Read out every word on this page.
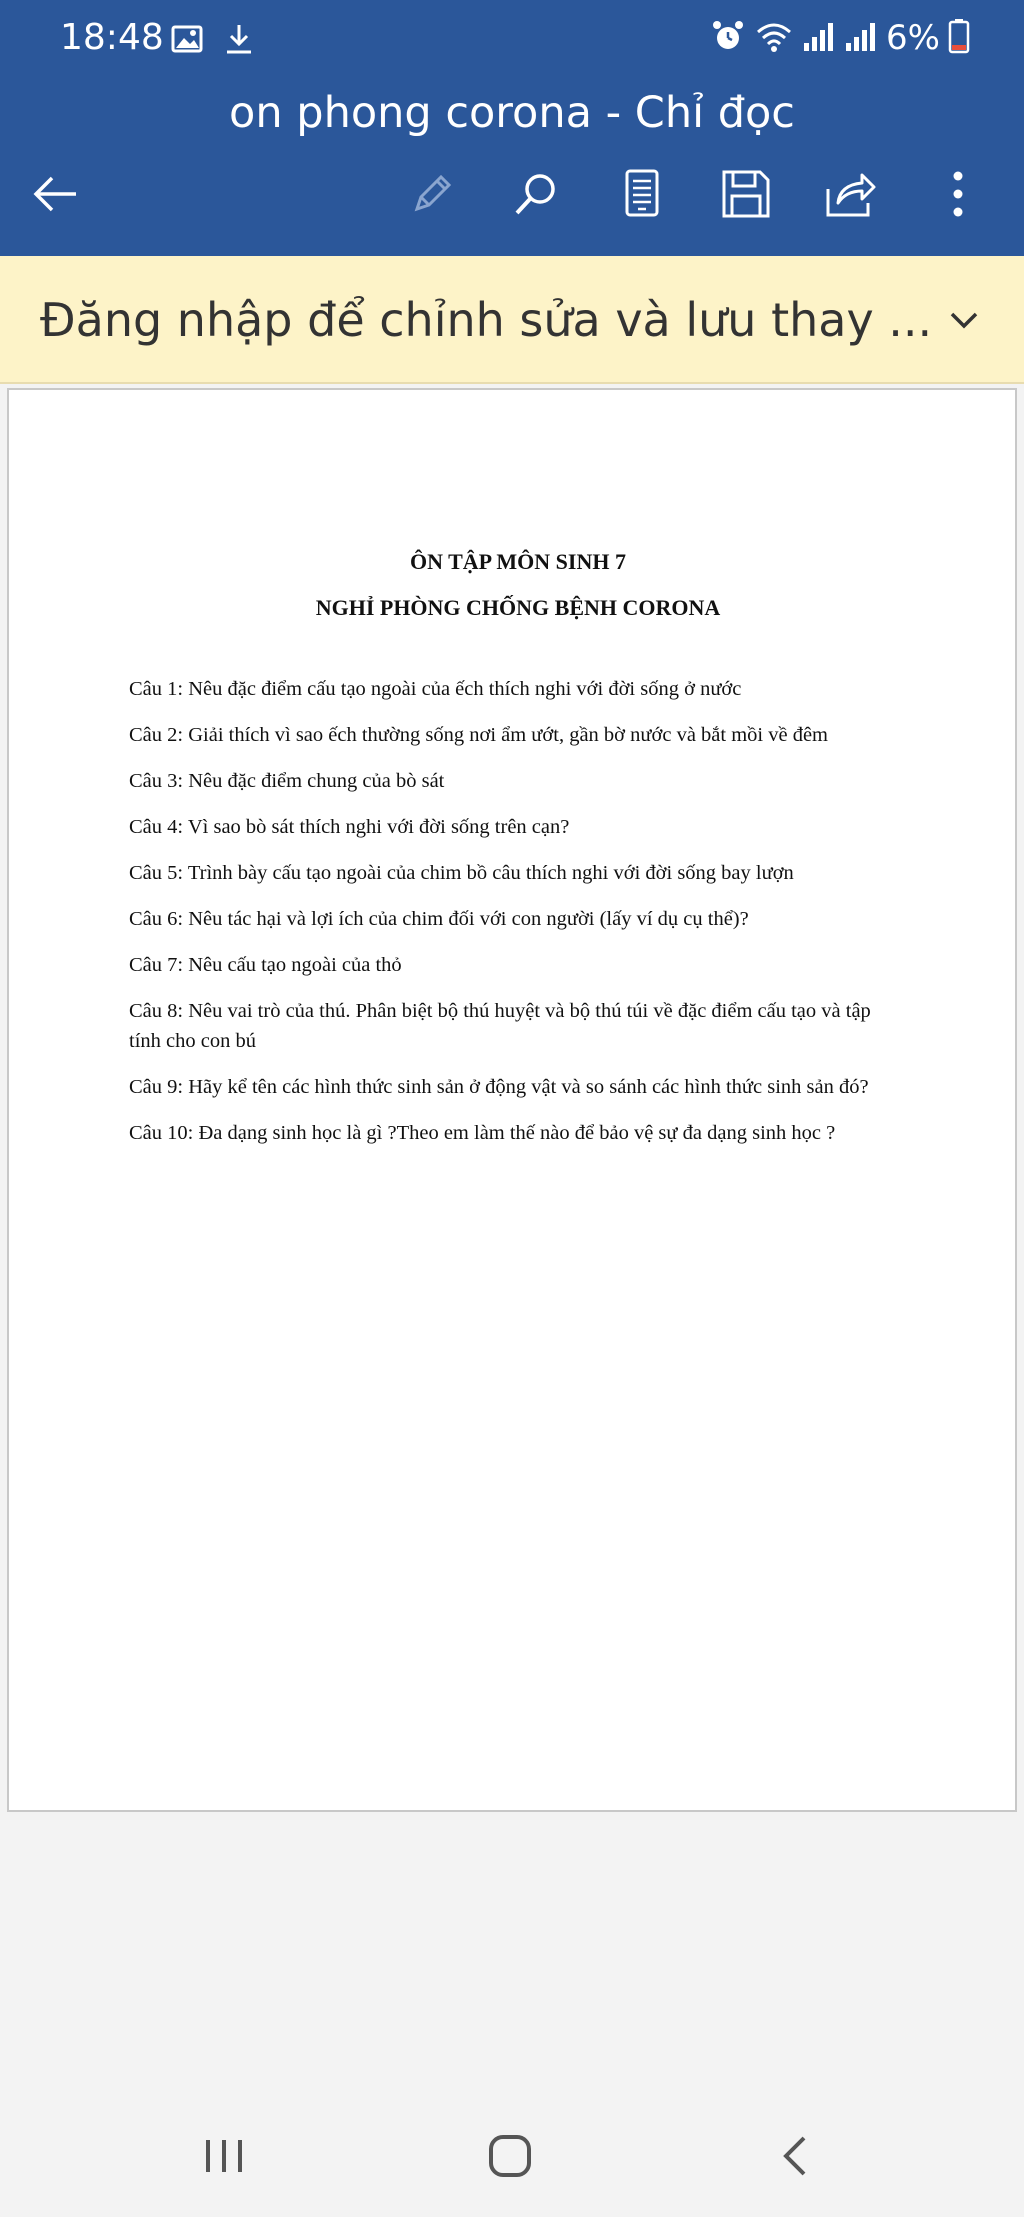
18:48	6%
on phong corona - Chỉ đọc
Đăng nhập để chỉnh sửa và lưu thay ...
ÔN TẬP MÔN SINH 7
NGHỈ PHÒNG CHỐNG BỆNH CORONA

Câu 1: Nêu đặc điểm cấu tạo ngoài của ếch thích nghi với đời sống ở nước

Câu 2: Giải thích vì sao ếch thường sống nơi ẩm ướt, gần bờ nước và bắt mồi về đêm

Câu 3: Nêu đặc điểm chung của bò sát

Câu 4: Vì sao bò sát thích nghi với đời sống trên cạn?

Câu 5: Trình bày cấu tạo ngoài của chim bồ câu thích nghi với đời sống bay lượn

Câu 6: Nêu tác hại và lợi ích của chim đối với con người (lấy ví dụ cụ thể)?

Câu 7: Nêu cấu tạo ngoài của thỏ

Câu 8: Nêu vai trò của thú. Phân biệt bộ thú huyệt và bộ thú túi về đặc điểm cấu tạo và tập tính cho con bú

Câu 9: Hãy kể tên các hình thức sinh sản ở động vật và so sánh các hình thức sinh sản đó?

Câu 10: Đa dạng sinh học là gì ?Theo em làm thế nào để bảo vệ sự đa dạng sinh học ?
